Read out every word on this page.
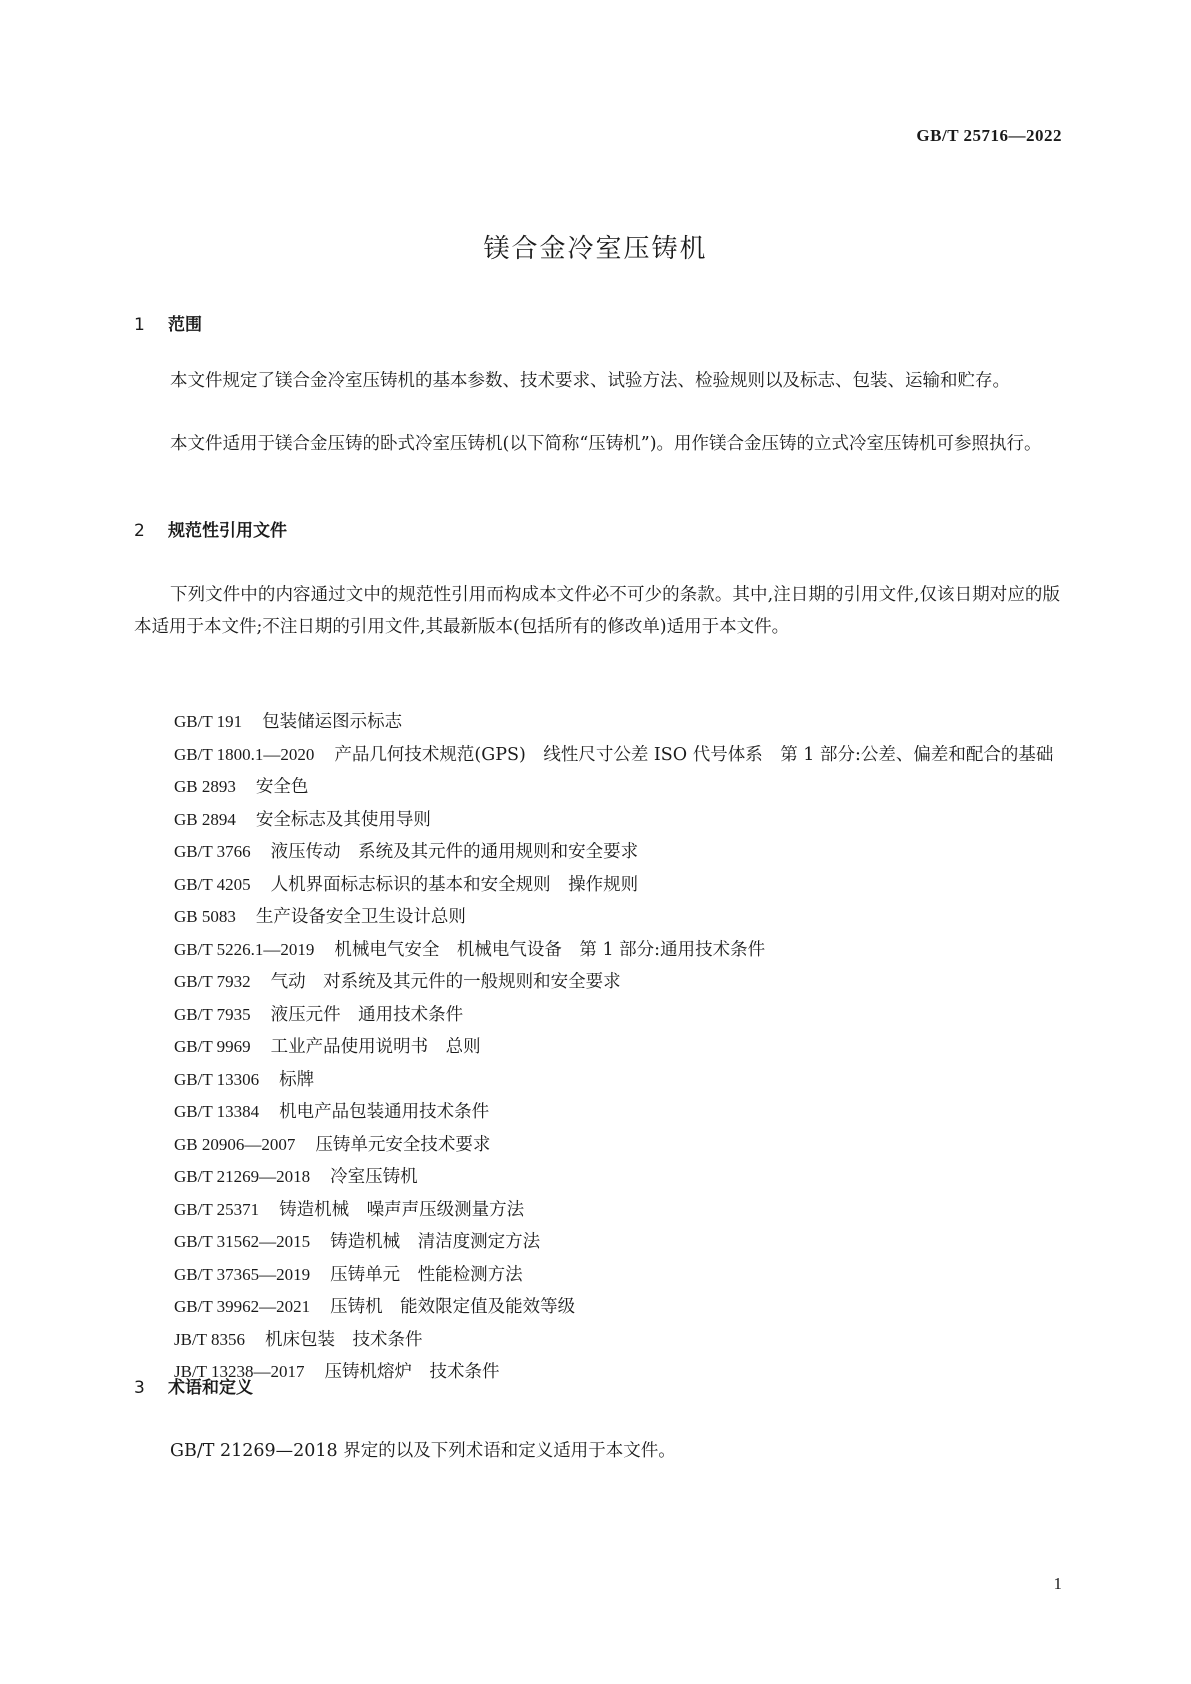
GB/T 25716—2022
镁合金冷室压铸机
1 范围

本文件规定了镁合金冷室压铸机的基本参数、技术要求、试验方法、检验规则以及标志、包装、运输和贮存。

本文件适用于镁合金压铸的卧式冷室压铸机(以下简称“压铸机”)。用作镁合金压铸的立式冷室压铸机可参照执行。

2 规范性引用文件

下列文件中的内容通过文中的规范性引用而构成本文件必不可少的条款。其中,注日期的引用文件,仅该日期对应的版本适用于本文件;不注日期的引用文件,其最新版本(包括所有的修改单)适用于本文件。

GB/T 191 包装储运图示标志
GB/T 1800.1—2020 产品几何技术规范(GPS)　线性尺寸公差 ISO 代号体系　第 1 部分:公差、偏差和配合的基础
GB 2893 安全色
GB 2894 安全标志及其使用导则
GB/T 3766 液压传动　系统及其元件的通用规则和安全要求
GB/T 4205 人机界面标志标识的基本和安全规则　操作规则
GB 5083 生产设备安全卫生设计总则
GB/T 5226.1—2019 机械电气安全　机械电气设备　第 1 部分:通用技术条件
GB/T 7932 气动　对系统及其元件的一般规则和安全要求
GB/T 7935 液压元件　通用技术条件
GB/T 9969 工业产品使用说明书　总则
GB/T 13306 标牌
GB/T 13384 机电产品包装通用技术条件
GB 20906—2007 压铸单元安全技术要求
GB/T 21269—2018 冷室压铸机
GB/T 25371 铸造机械　噪声声压级测量方法
GB/T 31562—2015 铸造机械　清洁度测定方法
GB/T 37365—2019 压铸单元　性能检测方法
GB/T 39962—2021 压铸机　能效限定值及能效等级
JB/T 8356 机床包装　技术条件
JB/T 13238—2017 压铸机熔炉　技术条件
3 术语和定义

GB/T 21269—2018 界定的以及下列术语和定义适用于本文件。

1
